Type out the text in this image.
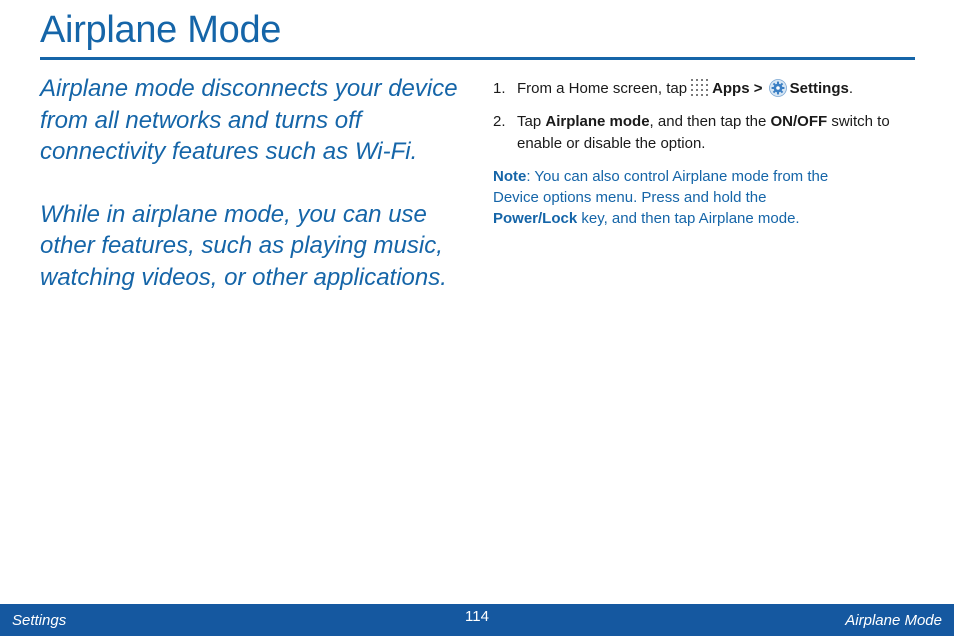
Airplane Mode

Airplane mode disconnects your device from all networks and turns off connectivity features such as Wi-Fi.

While in airplane mode, you can use other features, such as playing music, watching videos, or other applications.

1. From a Home screen, tap Apps > Settings.
2. Tap Airplane mode, and then tap the ON/OFF switch to enable or disable the option.
Note: You can also control Airplane mode from the Device options menu. Press and hold the Power/Lock key, and then tap Airplane mode.
Settings	114	Airplane Mode
